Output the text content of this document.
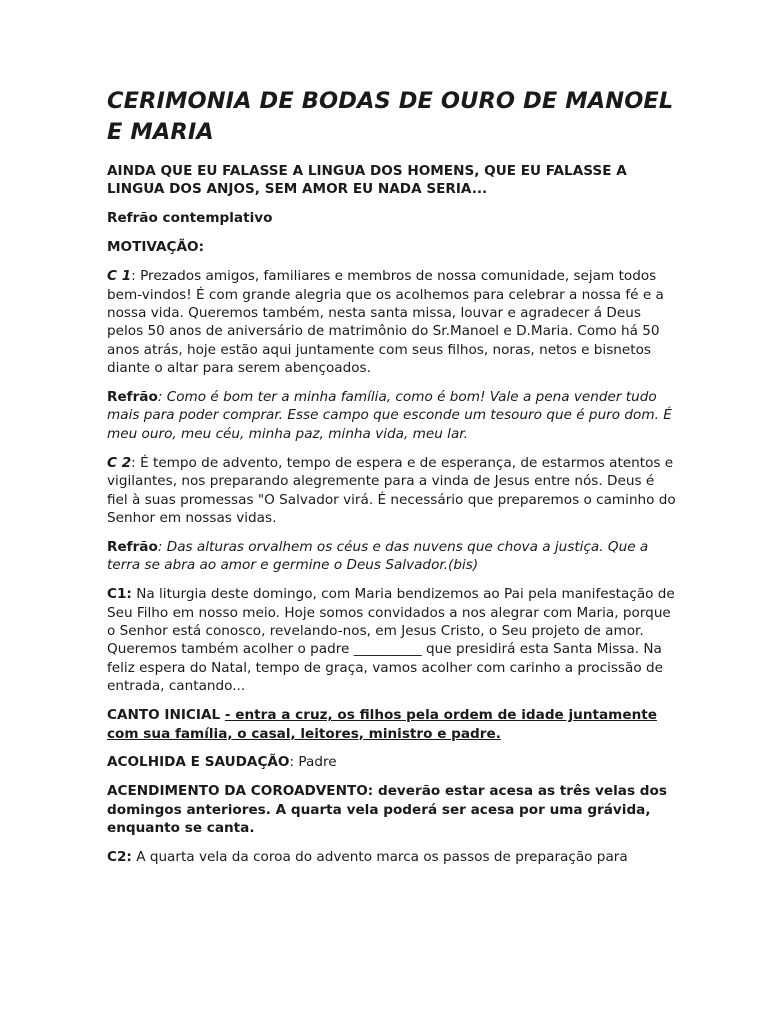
CERIMONIA DE BODAS DE OURO DE MANOEL E MARIA

AINDA QUE EU FALASSE A LINGUA DOS HOMENS, QUE EU FALASSE A LINGUA DOS ANJOS, SEM AMOR EU NADA SERIA...

Refrão contemplativo

MOTIVAÇÃO:

C 1: Prezados amigos, familiares e membros de nossa comunidade, sejam todos bem-vindos! É com grande alegria que os acolhemos para celebrar a nossa fé e a nossa vida. Queremos também, nesta santa missa, louvar e agradecer á Deus pelos 50 anos de aniversário de matrimônio do Sr.Manoel e D.Maria. Como há 50 anos atrás, hoje estão aqui juntamente com seus filhos, noras, netos e bisnetos diante o altar para serem abençoados.

Refrão: Como é bom ter a minha família, como é bom! Vale a pena vender tudo mais para poder comprar. Esse campo que esconde um tesouro que é puro dom. É meu ouro, meu céu, minha paz, minha vida, meu lar.

C 2: É tempo de advento, tempo de espera e de esperança, de estarmos atentos e vigilantes, nos preparando alegremente para a vinda de Jesus entre nós. Deus é fiel à suas promessas "O Salvador virá. É necessário que preparemos o caminho do Senhor em nossas vidas.

Refrão: Das alturas orvalhem os céus e das nuvens que chova a justiça. Que a terra se abra ao amor e germine o Deus Salvador.(bis)

C1: Na liturgia deste domingo, com Maria bendizemos ao Pai pela manifestação de Seu Filho em nosso meio. Hoje somos convidados a nos alegrar com Maria, porque o Senhor está conosco, revelando-nos, em Jesus Cristo, o Seu projeto de amor. Queremos também acolher o padre __________ que presidirá esta Santa Missa. Na feliz espera do Natal, tempo de graça, vamos acolher com carinho a procissão de entrada, cantando...

CANTO INICIAL - entra a cruz, os filhos pela ordem de idade juntamente com sua família, o casal, leitores, ministro e padre.

ACOLHIDA E SAUDAÇÃO: Padre

ACENDIMENTO DA COROADVENTO: deverão estar acesa as três velas dos domingos anteriores. A quarta vela poderá ser acesa por uma grávida, enquanto se canta.

C2: A quarta vela da coroa do advento marca os passos de preparação para
